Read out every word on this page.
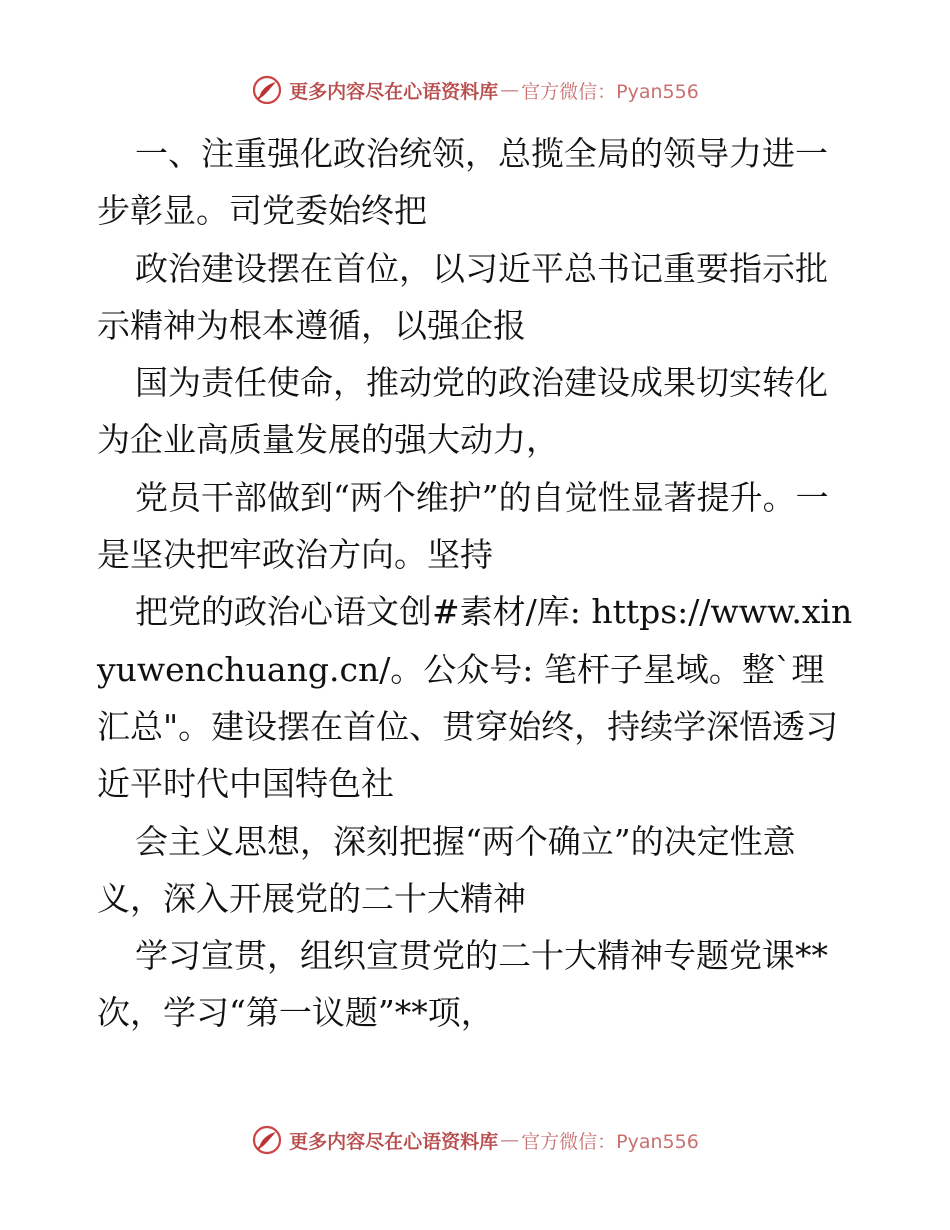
更多内容尽在心语资料库 — 官方微信：Pyan556

一、注重强化政治统领，总揽全局的领导力进一步彰显。司党委始终把

政治建设摆在首位，以习近平总书记重要指示批示精神为根本遵循，以强企报

国为责任使命，推动党的政治建设成果切实转化为企业高质量发展的强大动力，

党员干部做到“两个维护”的自觉性显著提升。一是坚决把牢政治方向。坚持

把党的政治心语文创#素材/库: https://www.xinyuwenchuang.cn/。公众号: 笔杆子星域。整`理汇总"。建设摆在首位、贯穿始终，持续学深悟透习近平时代中国特色社

会主义思想，深刻把握“两个确立”的决定性意义，深入开展党的二十大精神

学习宣贯，组织宣贯党的二十大精神专题党课**次，学习“第一议题”**项，

更多内容尽在心语资料库 — 官方微信：Pyan556
